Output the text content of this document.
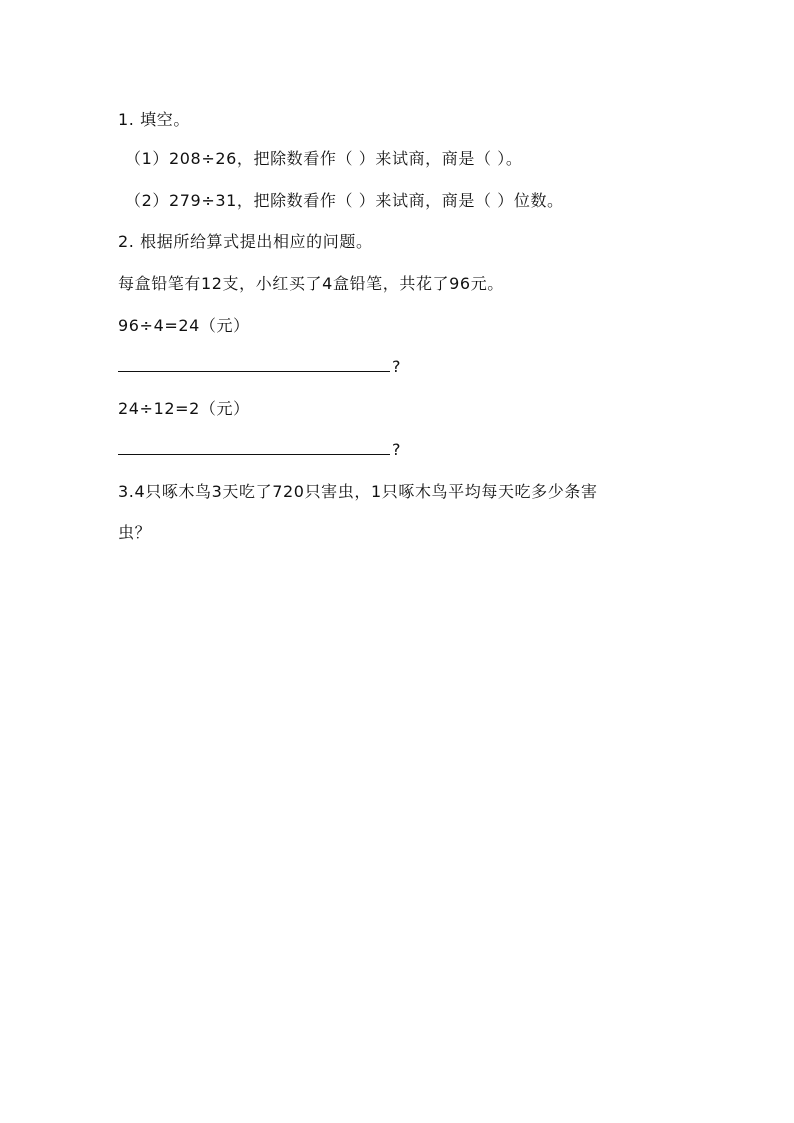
1. 填空。
（1）208÷26，把除数看作（ ）来试商，商是（ ）。
（2）279÷31，把除数看作（ ）来试商，商是（ ）位数。
2. 根据所给算式提出相应的问题。
每盒铅笔有12支，小红买了4盒铅笔，共花了96元。
96÷4=24（元）
?
24÷12=2（元）
?
3.4只啄木鸟3天吃了720只害虫，1只啄木鸟平均每天吃多少条害
虫？
